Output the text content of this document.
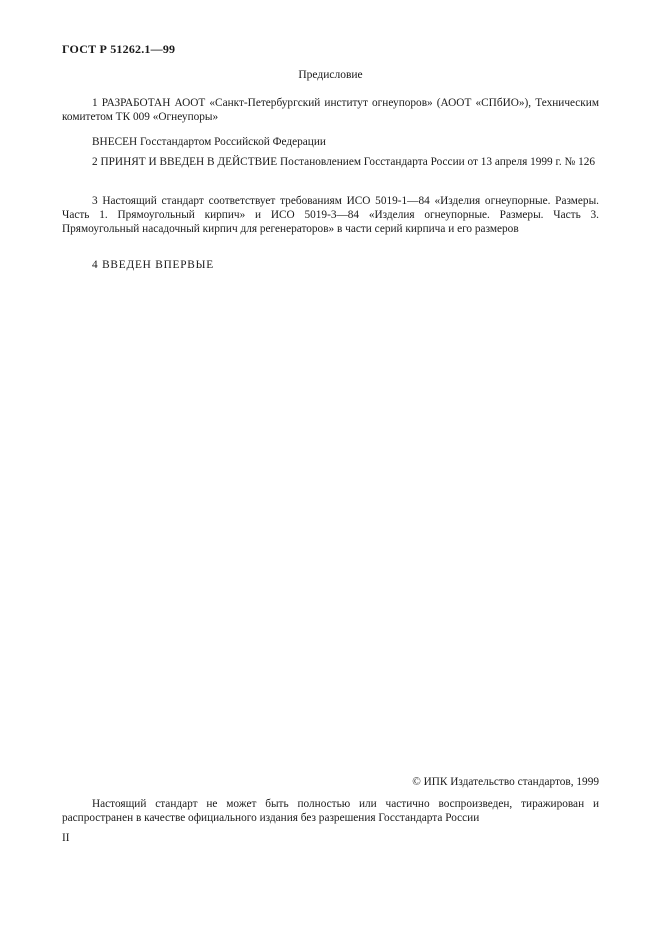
ГОСТ Р 51262.1—99
Предисловие
1 РАЗРАБОТАН АООТ «Санкт-Петербургский институт огнеупоров» (АООТ «СПбИО»), Техническим комитетом ТК 009 «Огнеупоры»
ВНЕСЕН Госстандартом Российской Федерации
2 ПРИНЯТ И ВВЕДЕН В ДЕЙСТВИЕ Постановлением Госстандарта России от 13 апреля 1999 г. № 126
3 Настоящий стандарт соответствует требованиям ИСО 5019-1—84 «Изделия огнеупорные. Размеры. Часть 1. Прямоугольный кирпич» и ИСО 5019-3—84 «Изделия огнеупорные. Размеры. Часть 3. Прямоугольный насадочный кирпич для регенераторов» в части серий кирпича и его размеров
4 ВВЕДЕН ВПЕРВЫЕ
© ИПК Издательство стандартов, 1999
Настоящий стандарт не может быть полностью или частично воспроизведен, тиражирован и распространен в качестве официального издания без разрешения Госстандарта России
II
